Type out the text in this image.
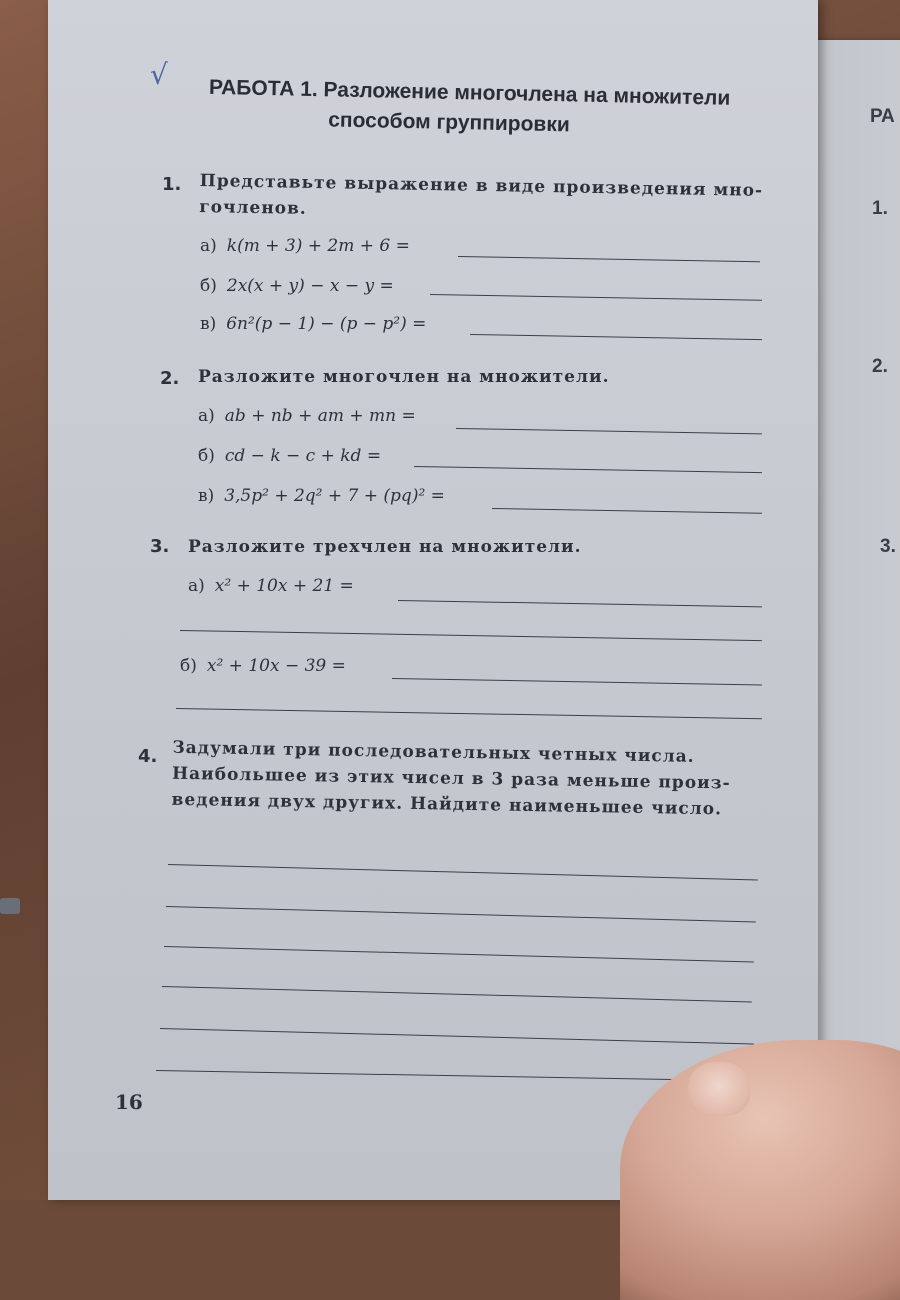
РА
1.
2.
3.
√
РАБОТА 1. Разложение многочлена на множители

способом группировки
1. Представьте выражение в виде произведения мно-
гочленов.
а) k(m + 3) + 2m + 6 =
б) 2x(x + y) − x − y =
в) 6n²(p − 1) − (p − p²) =
2. Разложите многочлен на множители.
а) ab + nb + am + mn =
б) cd − k − c + kd =
в) 3,5p² + 2q² + 7 + (pq)² =
3. Разложите трехчлен на множители.
а) x² + 10x + 21 =
б) x² + 10x − 39 =
4. Задумали три последовательных четных числа.
Наибольшее из этих чисел в 3 раза меньше произ-
ведения двух других. Найдите наименьшее число.
16
